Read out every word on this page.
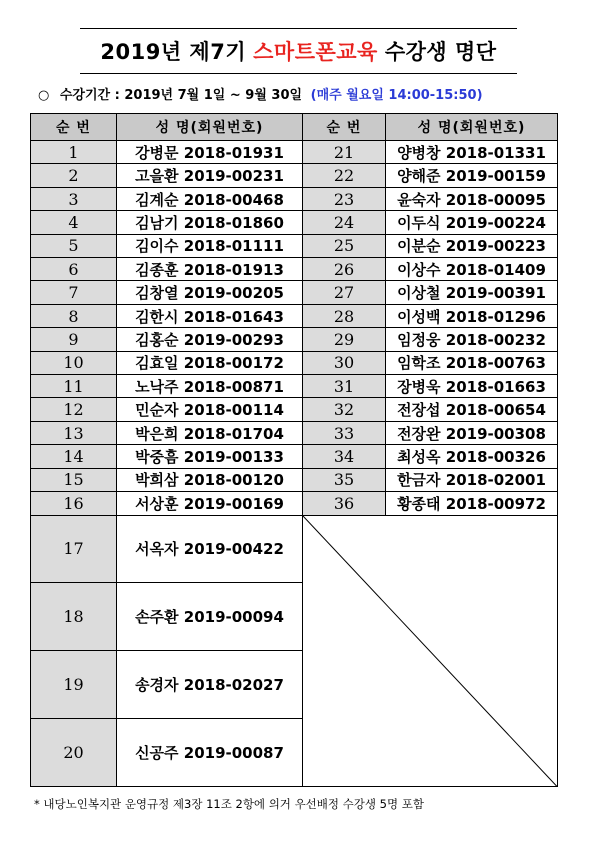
2019년 제7기 스마트폰교육 수강생 명단
○ 수강기간 : 2019년 7월 1일 ~ 9월 30일 (매주 월요일 14:00-15:50)
순 번	성 명(회원번호)	순 번	성 명(회원번호)
1	강병문 2018-01931	21	양병창 2018-01331
2	고을환 2019-00231	22	양해준 2019-00159
3	김계순 2018-00468	23	윤숙자 2018-00095
4	김남기 2018-01860	24	이두식 2019-00224
5	김이수 2018-01111	25	이분순 2019-00223
6	김종훈 2018-01913	26	이상수 2018-01409
7	김창열 2019-00205	27	이상철 2019-00391
8	김한시 2018-01643	28	이성백 2018-01296
9	김홍순 2019-00293	29	임정웅 2018-00232
10	김효일 2018-00172	30	임학조 2018-00763
11	노낙주 2018-00871	31	장병욱 2018-01663
12	민순자 2018-00114	32	전장섭 2018-00654
13	박은희 2018-01704	33	전장완 2019-00308
14	박중흠 2019-00133	34	최성옥 2018-00326
15	박희삼 2018-00120	35	한금자 2018-02001
16	서상훈 2019-00169	36	황종태 2018-00972
17	서옥자 2019-00422	

18	손주환 2019-00094		
19	송경자 2018-02027		
20	신공주 2019-00087		
* 내당노인복지관 운영규정 제3장 11조 2항에 의거 우선배정 수강생 5명 포함
